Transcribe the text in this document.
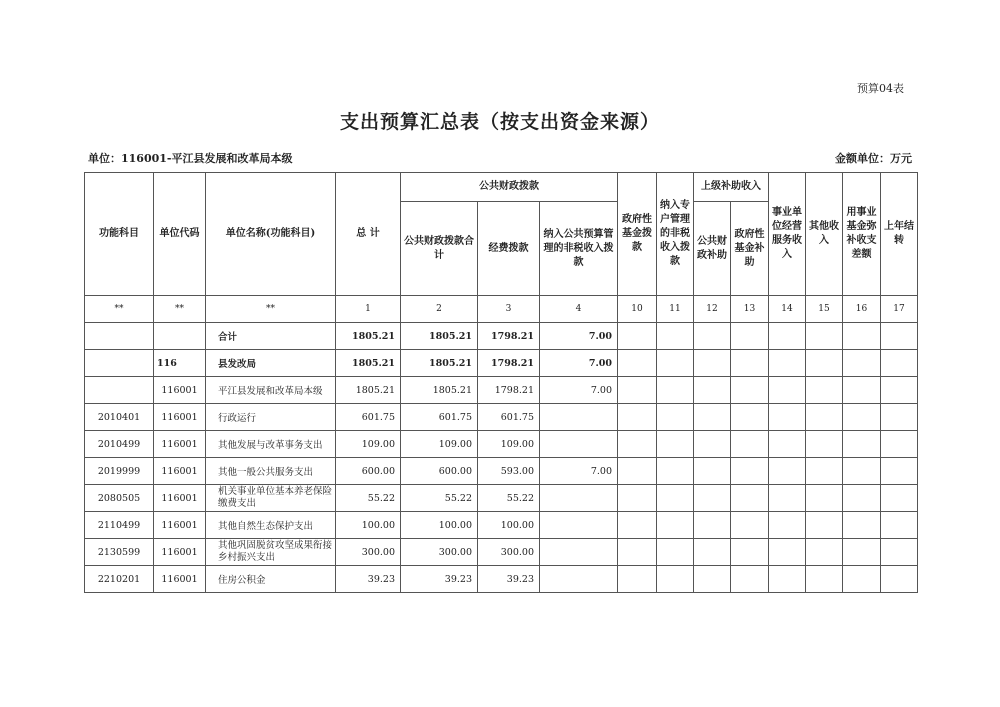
预算04表
支出预算汇总表（按支出资金来源）
单位：116001-平江县发展和改革局本级	金额单位：万元
功能科目	单位代码	单位名称(功能科目)	总 计	公共财政拨款			政府性基金拨款	纳入专户管理的非税收入拨款	上级补助收入		事业单位经营服务收入	其他收入	用事业基金弥补收支差额	上年结转
				公共财政拨款合计	经费拨款	纳入公共预算管理的非税收入拨款			公共财政补助	政府性基金补助				
**	**	**	1	2	3	4	10	11	12	13	14	15	16	17
		合计	1805.21	1805.21	1798.21	7.00								
	116	县发改局	1805.21	1805.21	1798.21	7.00								
	116001	平江县发展和改革局本级	1805.21	1805.21	1798.21	7.00								
2010401	116001	行政运行	601.75	601.75	601.75									
2010499	116001	其他发展与改革事务支出	109.00	109.00	109.00									
2019999	116001	其他一般公共服务支出	600.00	600.00	593.00	7.00								
2080505	116001	机关事业单位基本养老保险缴费支出	55.22	55.22	55.22									
2110499	116001	其他自然生态保护支出	100.00	100.00	100.00									
2130599	116001	其他巩固脱贫攻坚成果衔接乡村振兴支出	300.00	300.00	300.00									
2210201	116001	住房公积金	39.23	39.23	39.23									
